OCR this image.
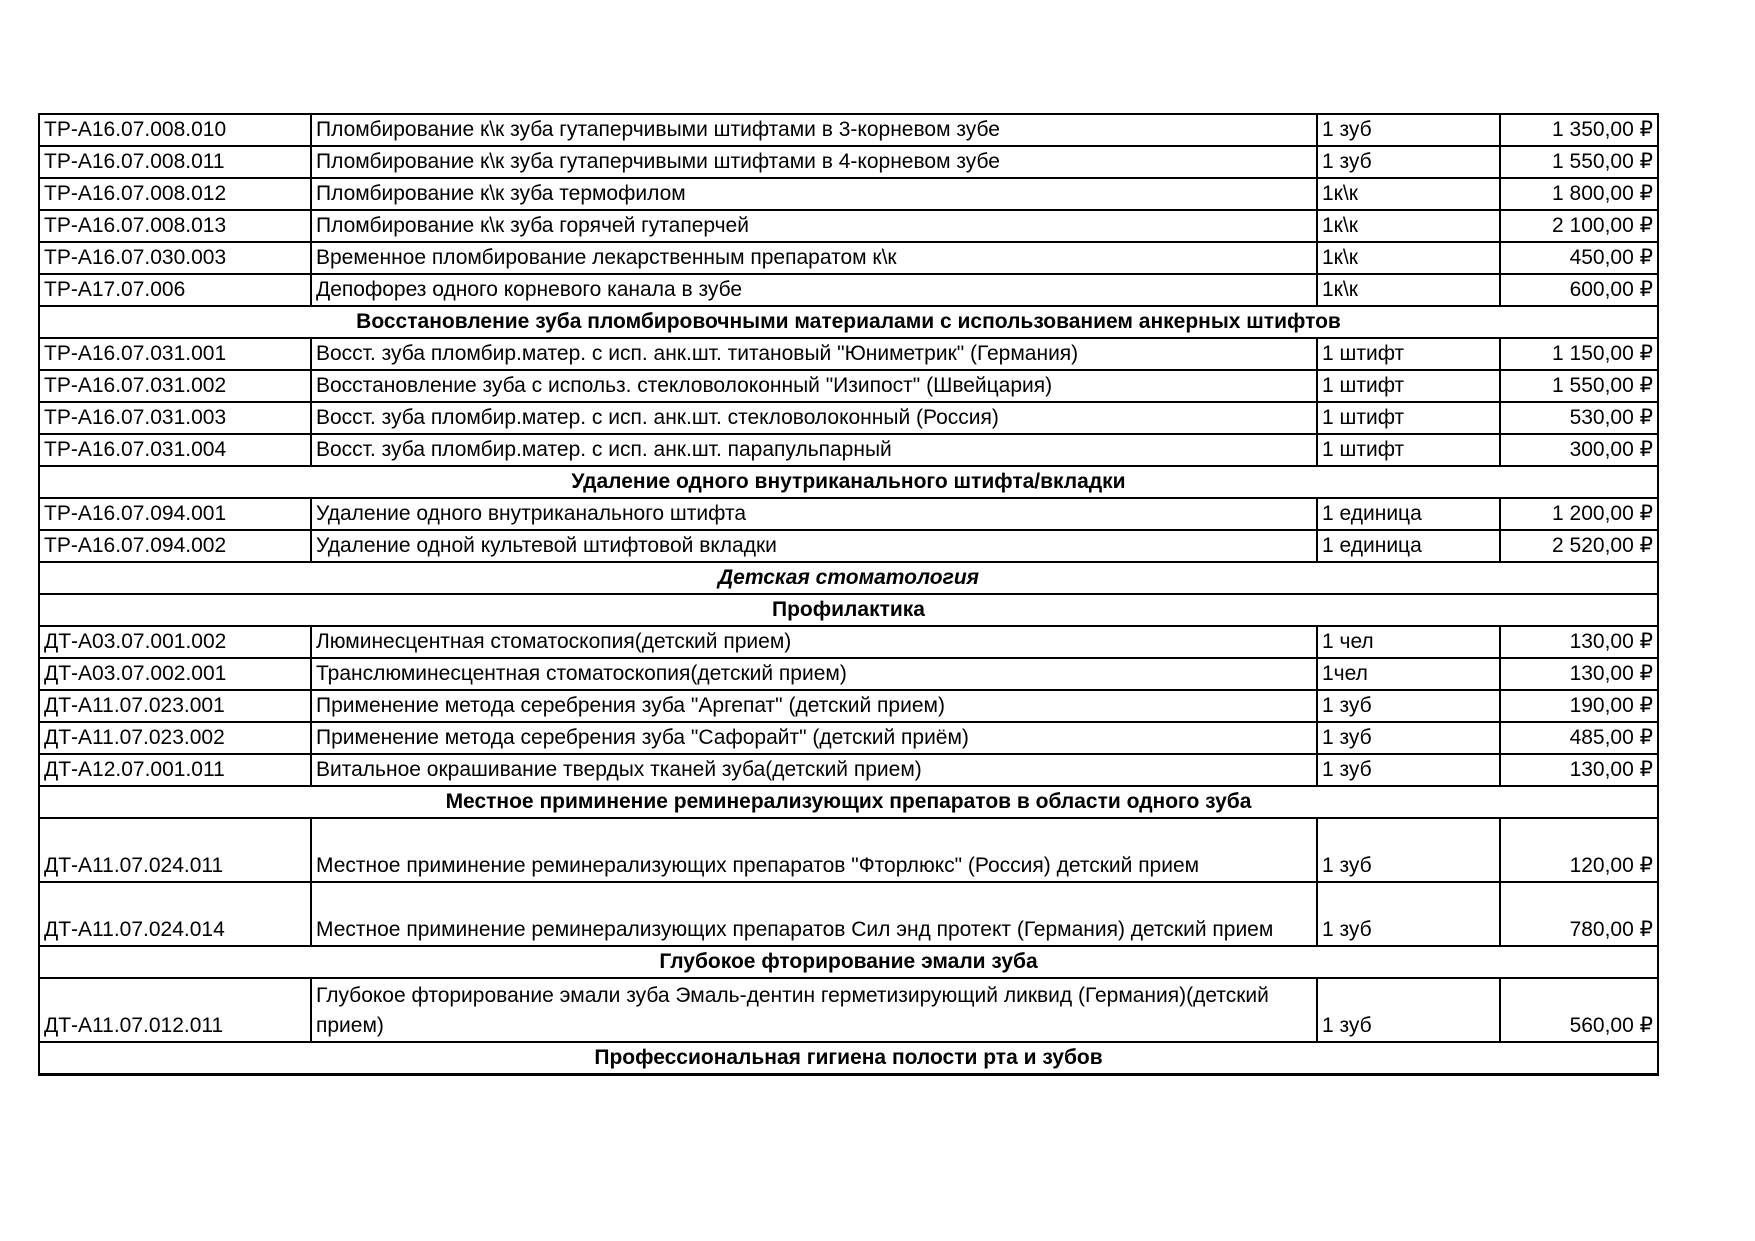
ТР-А16.07.008.010	Пломбирование к\к зуба гутаперчивыми штифтами в 3-корневом зубе	1 зуб	1 350,00 ₽
ТР-А16.07.008.011	Пломбирование к\к зуба гутаперчивыми штифтами в 4-корневом зубе	1 зуб	1 550,00 ₽
ТР-А16.07.008.012	Пломбирование к\к зуба термофилом	1к\к	1 800,00 ₽
ТР-А16.07.008.013	Пломбирование к\к зуба горячей гутаперчей	1к\к	2 100,00 ₽
ТР-А16.07.030.003	Временное пломбирование лекарственным препаратом к\к	1к\к	450,00 ₽
ТР-А17.07.006	Депофорез одного корневого канала в зубе	1к\к	600,00 ₽
Восстановление зуба пломбировочными материалами с использованием анкерных штифтов			
ТР-А16.07.031.001	Восст. зуба пломбир.матер. с исп. анк.шт. титановый "Юниметрик" (Германия)	1 штифт	1 150,00 ₽
ТР-А16.07.031.002	Восстановление зуба с использ. стекловолоконный "Изипост" (Швейцария)	1 штифт	1 550,00 ₽
ТР-А16.07.031.003	Восст. зуба пломбир.матер. с исп. анк.шт. стекловолоконный (Россия)	1 штифт	530,00 ₽
ТР-А16.07.031.004	Восст. зуба пломбир.матер. с исп. анк.шт. парапульпарный	1 штифт	300,00 ₽
Удаление одного внутриканального штифта/вкладки			
ТР-А16.07.094.001	Удаление одного внутриканального штифта	1 единица	1 200,00 ₽
ТР-А16.07.094.002	Удаление одной культевой штифтовой вкладки	1 единица	2 520,00 ₽
Детская стоматология			
Профилактика			
ДТ-А03.07.001.002	Люминесцентная стоматоскопия(детский прием)	1 чел	130,00 ₽
ДТ-А03.07.002.001	Транслюминесцентная стоматоскопия(детский прием)	1чел	130,00 ₽
ДТ-А11.07.023.001	Применение метода серебрения зуба "Аргепат" (детский прием)	1 зуб	190,00 ₽
ДТ-А11.07.023.002	Применение метода серебрения зуба "Сафорайт" (детский приём)	1 зуб	485,00 ₽
ДТ-А12.07.001.011	Витальное окрашивание твердых тканей зуба(детский прием)	1 зуб	130,00 ₽
Местное приминение реминерализующих препаратов в области одного зуба			
ДТ-А11.07.024.011	Местное приминение реминерализующих препаратов "Фторлюкс" (Россия) детский прием	1 зуб	120,00 ₽
ДТ-А11.07.024.014	Местное приминение реминерализующих препаратов Сил энд протект (Германия) детский прием	1 зуб	780,00 ₽
Глубокое фторирование эмали зуба			
ДТ-А11.07.012.011	Глубокое фторирование эмали зуба Эмаль-дентин герметизирующий ликвид (Германия)(детский прием)	1 зуб	560,00 ₽
Профессиональная гигиена полости рта и зубов			
